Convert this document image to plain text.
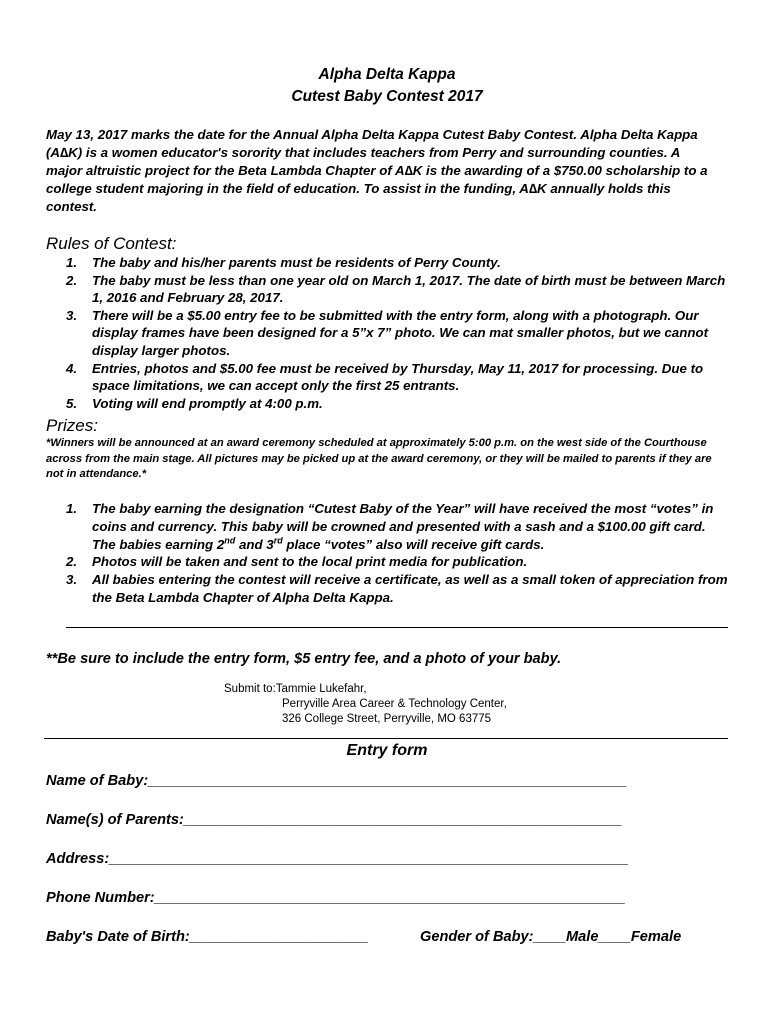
Alpha Delta Kappa
Cutest Baby Contest 2017
May 13, 2017 marks the date for the Annual Alpha Delta Kappa Cutest Baby Contest. Alpha Delta Kappa (A∆K) is a women educator's sorority that includes teachers from Perry and surrounding counties. A major altruistic project for the Beta Lambda Chapter of A∆K is the awarding of a $750.00 scholarship to a college student majoring in the field of education. To assist in the funding, A∆K annually holds this contest.
Rules of Contest:
1. The baby and his/her parents must be residents of Perry County.
2. The baby must be less than one year old on March 1, 2017. The date of birth must be between March 1, 2016 and February 28, 2017.
3. There will be a $5.00 entry fee to be submitted with the entry form, along with a photograph. Our display frames have been designed for a 5”x 7” photo. We can mat smaller photos, but we cannot display larger photos.
4. Entries, photos and $5.00 fee must be received by Thursday, May 11, 2017 for processing. Due to space limitations, we can accept only the first 25 entrants.
5. Voting will end promptly at 4:00 p.m.
Prizes:
*Winners will be announced at an award ceremony scheduled at approximately 5:00 p.m. on the west side of the Courthouse across from the main stage. All pictures may be picked up at the award ceremony, or they will be mailed to parents if they are not in attendance.*
1. The baby earning the designation “Cutest Baby of the Year” will have received the most “votes” in coins and currency. This baby will be crowned and presented with a sash and a $100.00 gift card. The babies earning 2nd and 3rd place “votes” also will receive gift cards.
2. Photos will be taken and sent to the local print media for publication.
3. All babies entering the contest will receive a certificate, as well as a small token of appreciation from the Beta Lambda Chapter of Alpha Delta Kappa.
**Be sure to include the entry form, $5 entry fee, and a photo of your baby.
Submit to:Tammie Lukefahr,
Perryville Area Career & Technology Center,
326 College Street, Perryville, MO 63775
Entry form
Name of Baby:___________________________________________________________
Name(s) of Parents:______________________________________________________
Address:________________________________________________________________
Phone Number:__________________________________________________________
Baby's Date of Birth:______________________	Gender of Baby:____Male____Female
